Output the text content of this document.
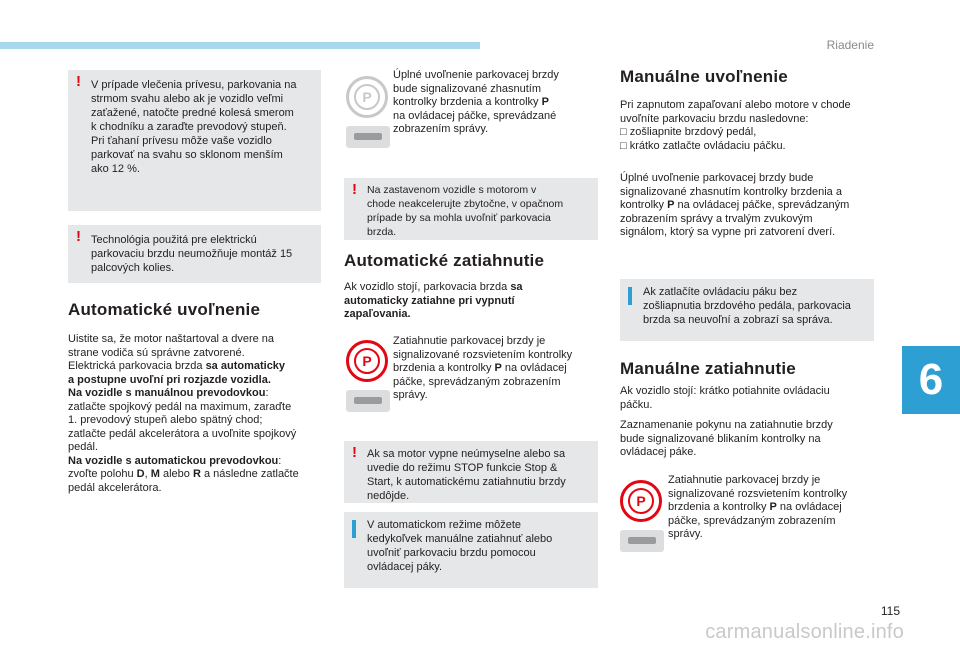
Riadenie
6
115
carmanualsonline.info
! V prípade vlečenia prívesu, parkovania na
strmom svahu alebo ak je vozidlo veľmi
zaťažené, natočte predné kolesá smerom
k chodníku a zaraďte prevodový stupeň.
Pri ťahaní prívesu môže vaše vozidlo
parkovať na svahu so sklonom menším
ako 12 %.

! Technológia použitá pre elektrickú
parkovaciu brzdu neumožňuje montáž 15
palcových kolies.

Automatické uvoľnenie
Uistite sa, že motor naštartoval a dvere na
strane vodiča sú správne zatvorené.
Elektrická parkovacia brzda sa automaticky
a postupne uvoľní pri rozjazde vozidla.
Na vozidle s manuálnou prevodovkou:
zatlačte spojkový pedál na maximum, zaraďte
1. prevodový stupeň alebo spätný chod;
zatlačte pedál akcelerátora a uvoľnite spojkový
pedál.
Na vozidle s automatickou prevodovkou:
zvoľte polohu D, M alebo R a následne zatlačte
pedál akcelerátora.
P
Úplné uvoľnenie parkovacej brzdy
bude signalizované zhasnutím
kontrolky brzdenia a kontrolky P
na ovládacej páčke, sprevádzané
zobrazením správy.
! Na zastavenom vozidle s motorom v
chode neakcelerujte zbytočne, v opačnom
prípade by sa mohla uvoľniť parkovacia
brzda.

Automatické zatiahnutie
Ak vozidlo stojí, parkovacia brzda sa
automaticky zatiahne pri vypnutí
zapaľovania.
P
Zatiahnutie parkovacej brzdy je
signalizované rozsvietením kontrolky
brzdenia a kontrolky P na ovládacej
páčke, sprevádzaným zobrazením
správy.
! Ak sa motor vypne neúmyselne alebo sa
uvedie do režimu STOP funkcie Stop &
Start, k automatickému zatiahnutiu brzdy
nedôjde.

V automatickom režime môžete
kedykoľvek manuálne zatiahnuť alebo
uvoľniť parkovaciu brzdu pomocou
ovládacej páky.

Manuálne uvoľnenie
Pri zapnutom zapaľovaní alebo motore v chode
uvoľníte parkovaciu brzdu nasledovne:
□ zošliapnite brzdový pedál,
□ krátko zatlačte ovládaciu páčku.
Úplné uvoľnenie parkovacej brzdy bude
signalizované zhasnutím kontrolky brzdenia a
kontrolky P na ovládacej páčke, sprevádzaným
zobrazením správy a trvalým zvukovým
signálom, ktorý sa vypne pri zatvorení dverí.

Ak zatlačíte ovládaciu páku bez
zošliapnutia brzdového pedála, parkovacia
brzda sa neuvoľní a zobrazí sa správa.

Manuálne zatiahnutie
Ak vozidlo stojí: krátko potiahnite ovládaciu
páčku.
Zaznamenanie pokynu na zatiahnutie brzdy
bude signalizované blikaním kontrolky na
ovládacej páke.
P
Zatiahnutie parkovacej brzdy je
signalizované rozsvietením kontrolky
brzdenia a kontrolky P na ovládacej
páčke, sprevádzaným zobrazením
správy.
